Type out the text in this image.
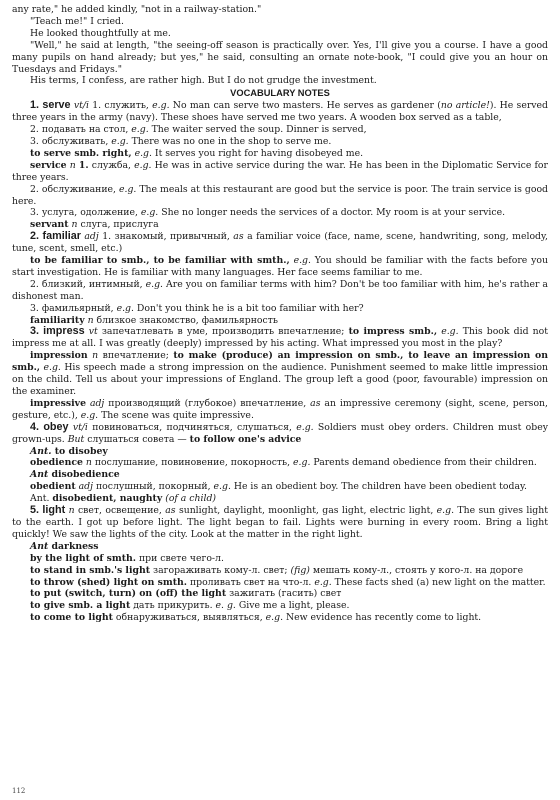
any rate," he added kindly, "not in a railway-station."

"Teach me!" I cried.

He looked thoughtfully at me.

"Well," he said at length, "the seeing-off season is practically over. Yes, I'll give you a course. I have a good many pupils on hand already; but yes," he said, consulting an ornate note-book, "I could give you an hour on Tuesdays and Fridays."

His terms, I confess, are rather high. But I do not grudge the investment.

VOCABULARY NOTES

1. serve vt/i 1. служить, e.g. No man can serve two masters. He serves as gardener (no article!). He served three years in the army (navy). These shoes have served me two years. A wooden box served as a table,

2. подавать на стол, e.g. The waiter served the soup. Dinner is served,

3. обслуживать, e.g. There was no one in the shop to serve me.

to serve smb. right, e.g. It serves you right for having disobeyed me.

service n 1. служба, e.g. He was in active service during the war. He has been in the Diplomatic Service for three years.

2. обслуживание, e.g. The meals at this restaurant are good but the service is poor. The train service is good here.

3. услуга, одолжение, e.g. She no longer needs the services of a doctor. My room is at your service.

servant n слуга, прислуга

2. familiar adj 1. знакомый, привычный, as a familiar voice (face, name, scene, handwriting, song, melody, tune, scent, smell, etc.)

to be familiar to smb., to be familiar with smth., e.g. You should be familiar with the facts before you start investigation. He is familiar with many languages. Her face seems familiar to me.

2. близкий, интимный, e.g. Are you on familiar terms with him? Don't be too familiar with him, he's rather a dishonest man.

3. фамильярный, e.g. Don't you think he is a bit too familiar with her?

familiarity n близкое знакомство, фамильярность

3. impress vt запечатлевать в уме, производить впечатление; to impress smb., e.g. This book did not impress me at all. I was greatly (deeply) impressed by his acting. What impressed you most in the play?

impression n впечатление; to make (produce) an impression on smb., to leave an impression on smb., e.g. His speech made a strong impression on the audience. Punishment seemed to make little impression on the child. Tell us about your impressions of England. The group left a good (poor, favourable) impression on the examiner.

impressive adj производящий (глубокое) впечатление, as an impressive ceremony (sight, scene, person, gesture, etc.), e.g. The scene was quite impressive.

4. obey vt/i повиноваться, подчиняться, слушаться, e.g. Soldiers must obey orders. Children must obey grown-ups. But слушаться совета — to follow one's advice

Ant. to disobey

obedience n послушание, повиновение, покорность, e.g. Parents demand obedience from their children.

Ant disobedience

obedient adj послушный, покорный, e.g. He is an obedient boy. The children have been obedient today.

Ant. disobedient, naughty (of a child)

5. light n свет, освещение, as sunlight, daylight, moonlight, gas light, electric light, e.g. The sun gives light to the earth. I got up before light. The light began to fail. Lights were burning in every room. Bring a light quickly! We saw the lights of the city. Look at the matter in the right light.

Ant darkness

by the light of smth. при свете чего-л.

to stand in smb.'s light загораживать кому-л. свет; (fig) мешать кому-л., стоять у кого-л. на дороге

to throw (shed) light on smth. проливать свет на что-л. e.g. These facts shed (a) new light on the matter.

to put (switch, turn) on (off) the light зажигать (гасить) свет

to give smb. a light дать прикурить. e. g. Give me a light, please.

to come to light обнаруживаться, выявляться, e.g. New evidence has recently come to light.

112
